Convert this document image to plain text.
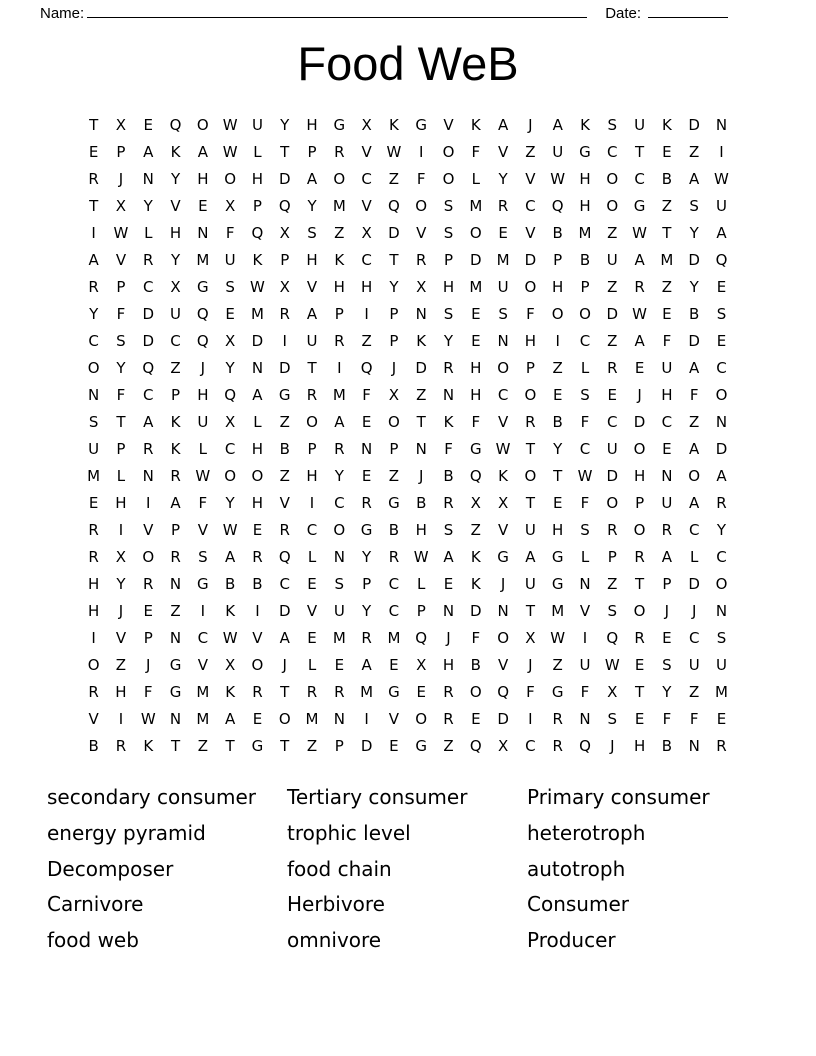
Name:	Date:
Food WeB
T	X	E	Q	O W U	Y	H	G	X	K	G	V	K	A	J	A	K	S	U	K	D	N
E	P	A	K	A W	L	T	P	R	V W	I	O	F	V	Z	U	G	C	T	E	Z	I
R	J	N	Y	H	O	H	D	A	O	C	Z	F	O	L	Y	V W H	O	C	B	A W
T	X	Y	V	E	X	P	Q	Y	M	V	Q	O	S	M	R	C	Q	H	O	G	Z	S	U
I	W	L	H	N	F	Q	X	S	Z	X	D	V	S	O	E	V	B	M	Z W	T	Y	A
A	V	R	Y	M	U	K	P	H	K	C	T	R	P	D	M	D	P	B	U	A	M	D	Q
R	P	C	X	G	S	W X	V	H	H	Y	X	H	M	U	O	H	P	Z	R	Z	Y	E
Y	F	D	U	Q	E	M	R	A	P	I	P	N	S	E	S	F	O	O	D W	E	B	S
C	S	D	C	Q	X	D	I	U	R	Z	P	K	Y	E	N	H	I	C	Z	A	F	D	E
O	Y	Q	Z	J	Y	N	D	T	I	Q	J	D	R	H	O	P	Z	L	R	E	U	A	C
N	F	C	P	H	Q	A	G	R	M	F	X	Z	N	H	C	O	E	S	E	J	H	F	O
S	T	A	K	U	X	L	Z	O	A	E	O	T	K	F	V	R	B	F	C	D	C	Z	N
U	P	R	K	L	C	H	B	P	R	N	P	N	F	G W	T	Y	C	U	O	E	A	D
M	L	N	R W O	O	Z	H	Y	E	Z	J	B	Q	K	O	T	W D	H	N	O	A
E	H	I	A	F	Y	H	V	I	C	R	G	B	R	X	X	T	E	F	O	P	U	A	R
R	I	V	P	V W	E	R	C	O	G	B	H	S	Z	V	U	H	S	R	O	R	C	Y
R	X	O	R	S	A	R	Q	L	N	Y	R W A	K	G	A	G	L	P	R	A	L	C
H	Y	R	N	G	B	B	C	E	S	P	C	L	E	K	J	U	G	N	Z	T	P	D	O
H	J	E	Z	I	K	I	D	V	U	Y	C	P	N	D	N	T	M	V	S	O	J	J	N
I	V	P	N	C W V	A	E	M	R	M Q	J	F	O	X W	I	Q	R	E	C	S
O	Z	J	G	V	X	O	J	L	E	A	E	X	H	B	V	J	Z	U W	E	S	U	U
R	H	F	G	M	K	R	T	R	R	M	G	E	R	O	Q	F	G	F	X	T	Y	Z	M
V	I	W N	M	A	E	O M	N	I	V	O	R	E	D	I	R	N	S	E	F	F	E
B	R	K	T	Z	T	G	T	Z	P	D	E	G	Z	Q	X	C	R	Q	J	H	B	N	R
secondary consumer
energy pyramid
Decomposer
Carnivore
food web
Tertiary consumer
trophic level
food chain
Herbivore
omnivore
Primary consumer
heterotroph
autotroph
Consumer
Producer
